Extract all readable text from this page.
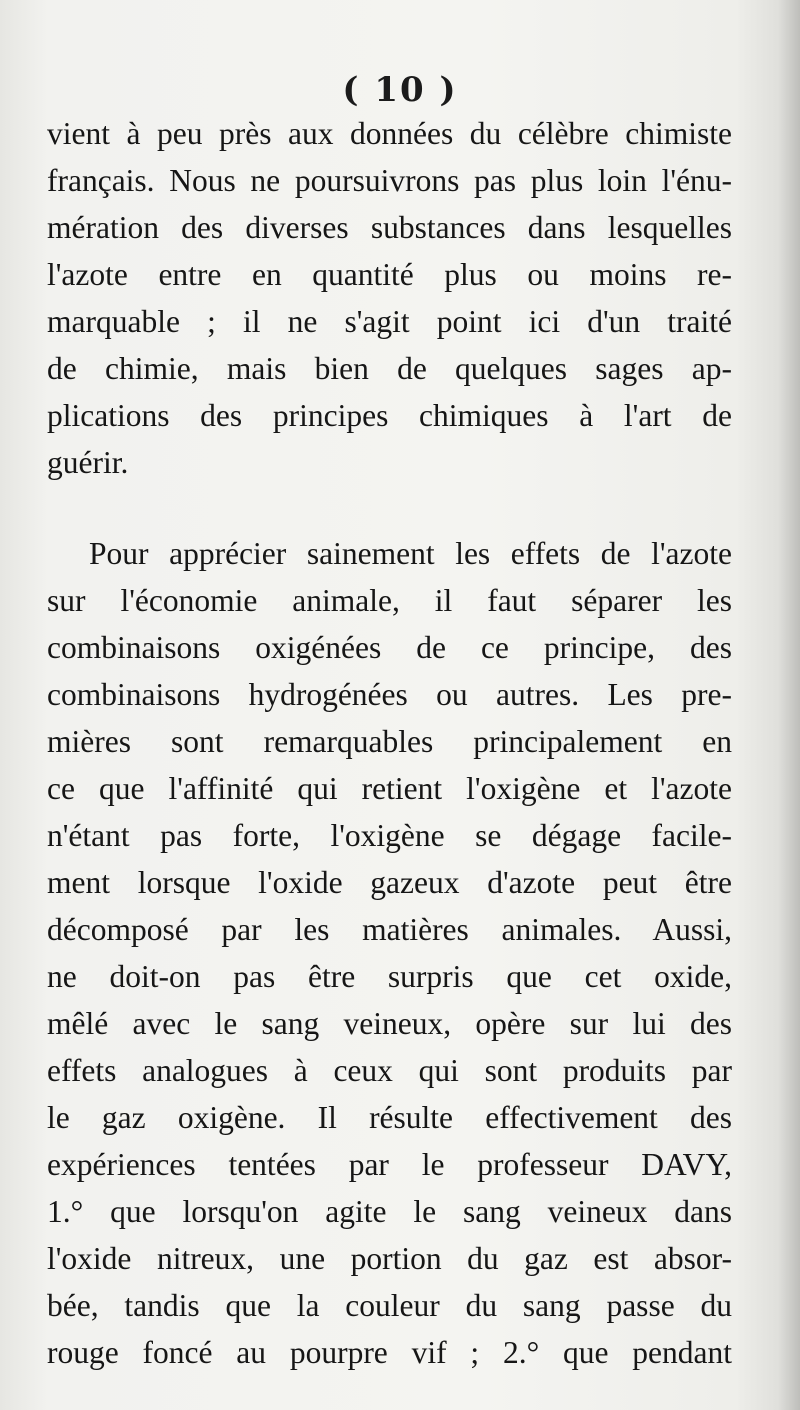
( 10 )
vient à peu près aux données du célèbre chimiste
français. Nous ne poursuivrons pas plus loin l'énu-
mération des diverses substances dans lesquelles
l'azote entre en quantité plus ou moins re-
marquable ; il ne s'agit point ici d'un traité
de chimie, mais bien de quelques sages ap-
plications des principes chimiques à l'art de
guérir.
Pour apprécier sainement les effets de l'azote
sur l'économie animale, il faut séparer les
combinaisons oxigénées de ce principe, des
combinaisons hydrogénées ou autres. Les pre-
mières sont remarquables principalement en
ce que l'affinité qui retient l'oxigène et l'azote
n'étant pas forte, l'oxigène se dégage facile-
ment lorsque l'oxide gazeux d'azote peut être
décomposé par les matières animales. Aussi,
ne doit-on pas être surpris que cet oxide,
mêlé avec le sang veineux, opère sur lui des
effets analogues à ceux qui sont produits par
le gaz oxigène. Il résulte effectivement des
expériences tentées par le professeur DAVY,
1.° que lorsqu'on agite le sang veineux dans
l'oxide nitreux, une portion du gaz est absor-
bée, tandis que la couleur du sang passe du
rouge foncé au pourpre vif ; 2.° que pendant
